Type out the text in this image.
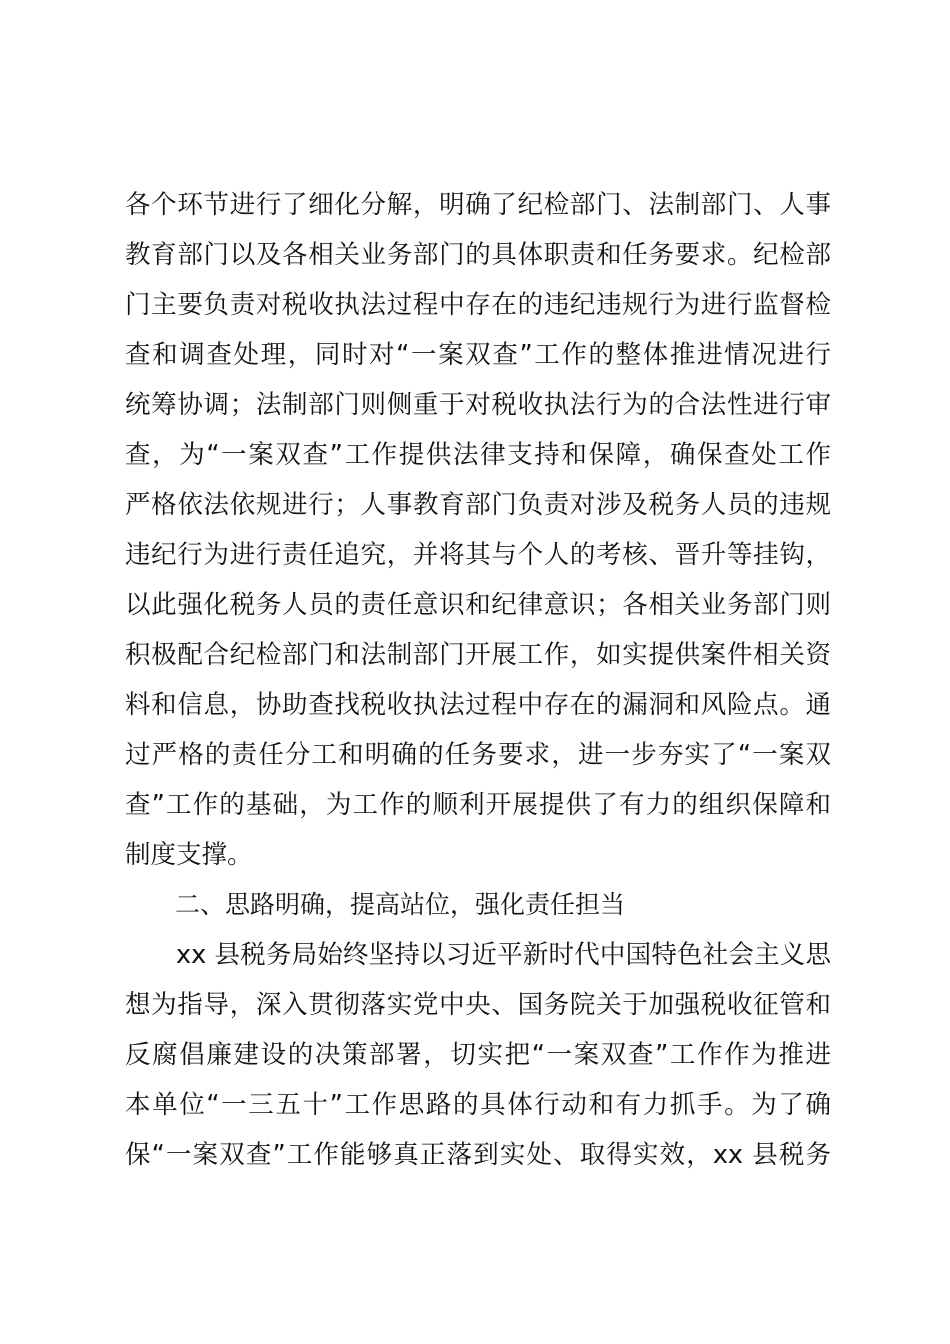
各个环节进行了细化分解，明确了纪检部门、法制部门、人事

教育部门以及各相关业务部门的具体职责和任务要求。纪检部

门主要负责对税收执法过程中存在的违纪违规行为进行监督检

查和调查处理，同时对“一案双查”工作的整体推进情况进行

统筹协调；法制部门则侧重于对税收执法行为的合法性进行审

查，为“一案双查”工作提供法律支持和保障，确保查处工作

严格依法依规进行；人事教育部门负责对涉及税务人员的违规

违纪行为进行责任追究，并将其与个人的考核、晋升等挂钩，

以此强化税务人员的责任意识和纪律意识；各相关业务部门则

积极配合纪检部门和法制部门开展工作，如实提供案件相关资

料和信息，协助查找税收执法过程中存在的漏洞和风险点。通

过严格的责任分工和明确的任务要求，进一步夯实了“一案双

查”工作的基础，为工作的顺利开展提供了有力的组织保障和

制度支撑。

二、思路明确，提高站位，强化责任担当

xx 县税务局始终坚持以习近平新时代中国特色社会主义思

想为指导，深入贯彻落实党中央、国务院关于加强税收征管和

反腐倡廉建设的决策部署，切实把“一案双查”工作作为推进

本单位“一三五十”工作思路的具体行动和有力抓手。为了确

保“一案双查”工作能够真正落到实处、取得实效，xx 县税务
